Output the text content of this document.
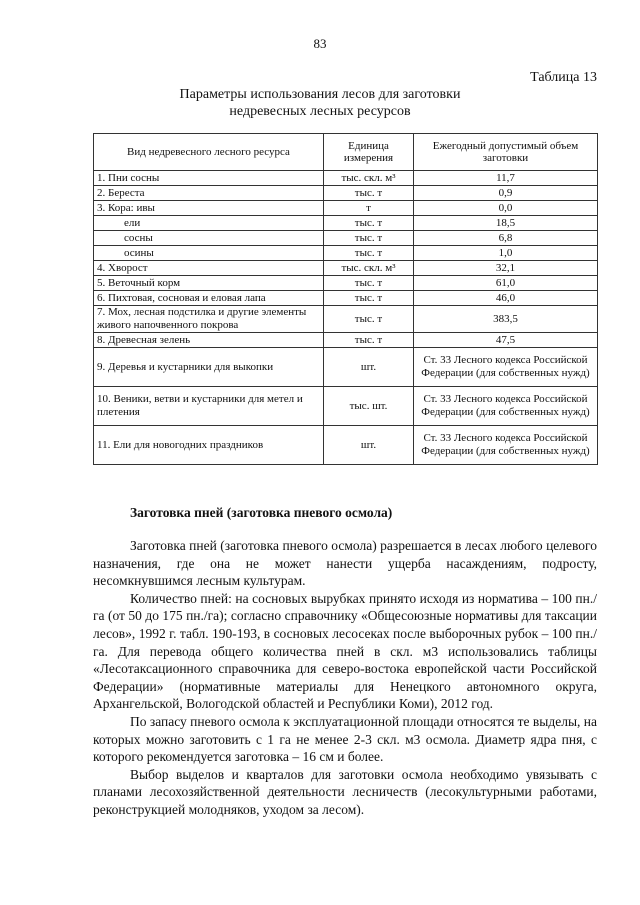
83
Таблица 13
Параметры использования лесов для заготовки
недревесных лесных ресурсов
Вид недревесного лесного ресурса	Единица измерения	Ежегодный допустимый объем заготовки
1. Пни сосны	тыс. скл. м³	11,7
2. Береста	тыс. т	0,9
3. Кора: ивы	т	0,0
ели	тыс. т	18,5
сосны	тыс. т	6,8
осины	тыс. т	1,0
4. Хворост	тыс. скл. м³	32,1
5. Веточный корм	тыс. т	61,0
6. Пихтовая, сосновая и еловая лапа	тыс. т	46,0
7. Мох, лесная подстилка и другие элементы живого напочвенного покрова	тыс. т	383,5
8. Древесная зелень	тыс. т	47,5
9. Деревья и кустарники для выкопки	шт.	Ст. 33 Лесного кодекса Российской Федерации (для собственных нужд)
10. Веники, ветви и кустарники для метел и плетения	тыс. шт.	Ст. 33 Лесного кодекса Российской Федерации (для собственных нужд)
11. Ели для новогодних праздников	шт.	Ст. 33 Лесного кодекса Российской Федерации (для собственных нужд)
Заготовка пней (заготовка пневого осмола)

Заготовка пней (заготовка пневого осмола) разрешается в лесах любого целевого назначения, где она не может нанести ущерба насаждениям, подросту, несомкнувшимся лесным культурам.

Количество пней: на сосновых вырубках принято исходя из норматива – 100 пн./га (от 50 до 175 пн./га); согласно справочнику «Общесоюзные нормативы для таксации лесов», 1992 г. табл. 190-193, в сосновых лесосеках после выборочных рубок – 100 пн./га. Для перевода общего количества пней в скл. м3 использовались таблицы «Лесотаксационного справочника для северо-востока европейской части Российской Федерации» (нормативные материалы для Ненецкого автономного округа, Архангельской, Вологодской областей и Республики Коми), 2012 год.

По запасу пневого осмола к эксплуатационной площади относятся те выделы, на которых можно заготовить с 1 га не менее 2-3 скл. м3 осмола. Диаметр ядра пня, с которого рекомендуется заготовка – 16 см и более.

Выбор выделов и кварталов для заготовки осмола необходимо увязывать с планами лесохозяйственной деятельности лесничеств (лесокультурными работами, реконструкцией молодняков, уходом за лесом).
